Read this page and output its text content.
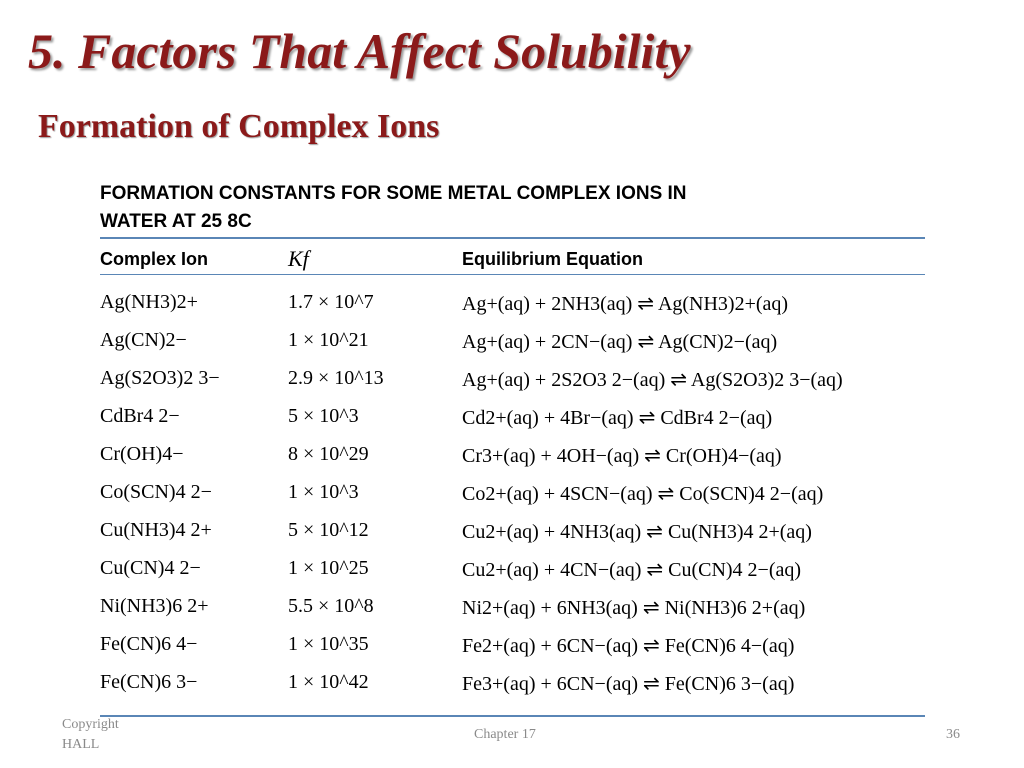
5. Factors That Affect Solubility
Formation of Complex Ions
FORMATION CONSTANTS FOR SOME METAL COMPLEX IONS IN
WATER AT 25 8C
Complex Ion	Kf	Equilibrium Equation
Ag(NH3)2+	1.7 × 10^7	Ag+(aq) + 2NH3(aq) ⇌ Ag(NH3)2+(aq)
Ag(CN)2−	1 × 10^21	Ag+(aq) + 2CN−(aq) ⇌ Ag(CN)2−(aq)
Ag(S2O3)2 3−	2.9 × 10^13	Ag+(aq) + 2S2O3 2−(aq) ⇌ Ag(S2O3)2 3−(aq)
CdBr4 2−	5 × 10^3	Cd2+(aq) + 4Br−(aq) ⇌ CdBr4 2−(aq)
Cr(OH)4−	8 × 10^29	Cr3+(aq) + 4OH−(aq) ⇌ Cr(OH)4−(aq)
Co(SCN)4 2−	1 × 10^3	Co2+(aq) + 4SCN−(aq) ⇌ Co(SCN)4 2−(aq)
Cu(NH3)4 2+	5 × 10^12	Cu2+(aq) + 4NH3(aq) ⇌ Cu(NH3)4 2+(aq)
Cu(CN)4 2−	1 × 10^25	Cu2+(aq) + 4CN−(aq) ⇌ Cu(CN)4 2−(aq)
Ni(NH3)6 2+	5.5 × 10^8	Ni2+(aq) + 6NH3(aq) ⇌ Ni(NH3)6 2+(aq)
Fe(CN)6 4−	1 × 10^35	Fe2+(aq) + 6CN−(aq) ⇌ Fe(CN)6 4−(aq)
Fe(CN)6 3−	1 × 10^42	Fe3+(aq) + 6CN−(aq) ⇌ Fe(CN)6 3−(aq)
Copyright
HALL
Chapter 17	36
